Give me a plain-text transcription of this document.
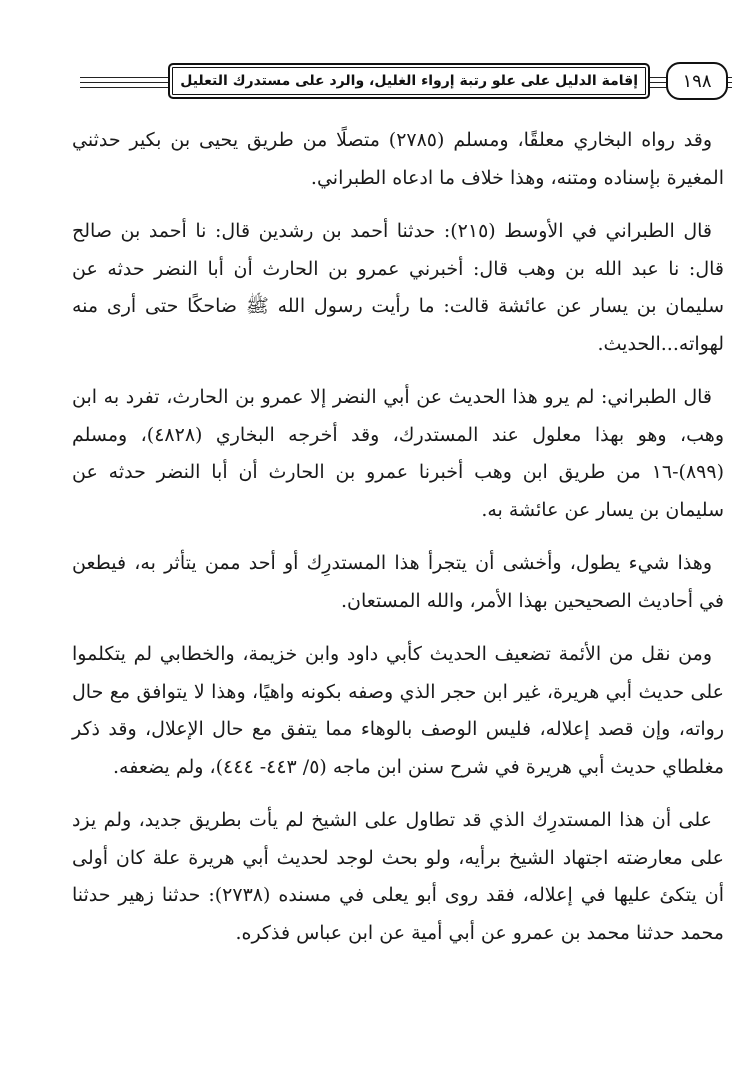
إقامة الدليل على علو رتبة إرواء الغليل، والرد على مستدرك التعليل	١٩٨

وقد رواه البخاري معلقًا، ومسلم (٢٧٨٥) متصلًا من طريق يحيى بن بكير حدثني المغيرة بإسناده ومتنه، وهذا خلاف ما ادعاه الطبراني.

قال الطبراني في الأوسط (٢١٥): حدثنا أحمد بن رشدين قال: نا أحمد بن صالح قال: نا عبد الله بن وهب قال: أخبرني عمرو بن الحارث أن أبا النضر حدثه عن سليمان بن يسار عن عائشة قالت: ما رأيت رسول الله ﷺ ضاحكًا حتى أرى منه لهواته...الحديث.

قال الطبراني: لم يرو هذا الحديث عن أبي النضر إلا عمرو بن الحارث، تفرد به ابن وهب، وهو بهذا معلول عند المستدرك، وقد أخرجه البخاري (٤٨٢٨)، ومسلم (٨٩٩)-١٦ من طريق ابن وهب أخبرنا عمرو بن الحارث أن أبا النضر حدثه عن سليمان بن يسار عن عائشة به.

وهذا شيء يطول، وأخشى أن يتجرأ هذا المستدرِك أو أحد ممن يتأثر به، فيطعن في أحاديث الصحيحين بهذا الأمر، والله المستعان.

ومن نقل من الأئمة تضعيف الحديث كأبي داود وابن خزيمة، والخطابي لم يتكلموا على حديث أبي هريرة، غير ابن حجر الذي وصفه بكونه واهيًا، وهذا لا يتوافق مع حال رواته، وإن قصد إعلاله، فليس الوصف بالوهاء مما يتفق مع حال الإعلال، وقد ذكر مغلطاي حديث أبي هريرة في شرح سنن ابن ماجه (٥/ ٤٤٣- ٤٤٤)، ولم يضعفه.

على أن هذا المستدرِك الذي قد تطاول على الشيخ لم يأت بطريق جديد، ولم يزد على معارضته اجتهاد الشيخ برأيه، ولو بحث لوجد لحديث أبي هريرة علة كان أولى أن يتكئ عليها في إعلاله، فقد روى أبو يعلى في مسنده (٢٧٣٨): حدثنا زهير حدثنا محمد حدثنا محمد بن عمرو عن أبي أمية عن ابن عباس فذكره.
